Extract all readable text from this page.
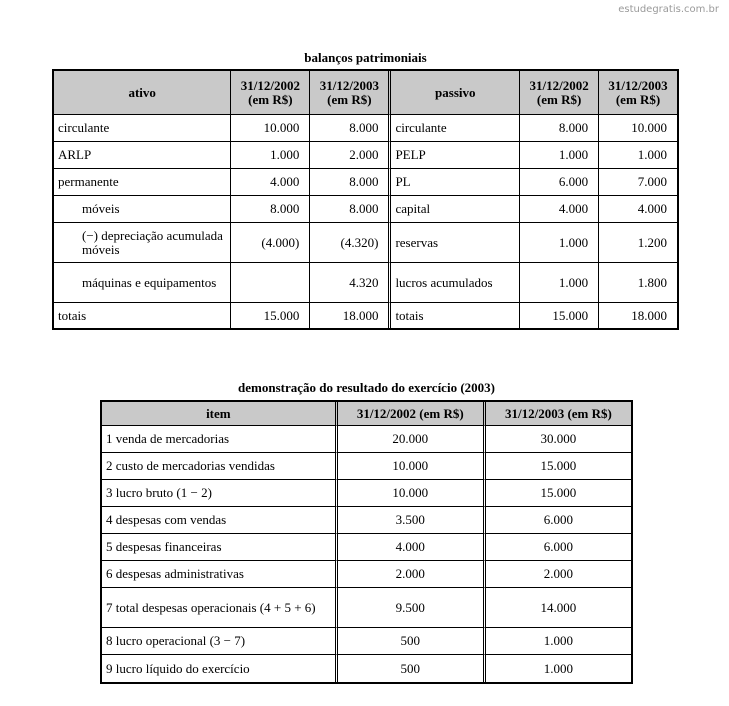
estudegratis.com.br
balanços patrimoniais
ativo	31/12/2002 (em R$)	31/12/2003 (em R$)	passivo	31/12/2002 (em R$)	31/12/2003 (em R$)
circulante	10.000	8.000	circulante	8.000	10.000
ARLP	1.000	2.000	PELP	1.000	1.000
permanente	4.000	8.000	PL	6.000	7.000
móveis	8.000	8.000	capital	4.000	4.000
(−) depreciação acumulada móveis	(4.000)	(4.320)	reservas	1.000	1.200
máquinas e equipamentos		4.320	lucros acumulados	1.000	1.800
totais	15.000	18.000	totais	15.000	18.000
demonstração do resultado do exercício (2003)
item	31/12/2002 (em R$)	31/12/2003 (em R$)
1 venda de mercadorias	20.000	30.000
2 custo de mercadorias vendidas	10.000	15.000
3 lucro bruto (1 − 2)	10.000	15.000
4 despesas com vendas	3.500	6.000
5 despesas financeiras	4.000	6.000
6 despesas administrativas	2.000	2.000
7 total despesas operacionais (4 + 5 + 6)	9.500	14.000
8 lucro operacional (3 − 7)	500	1.000
9 lucro líquido do exercício	500	1.000
